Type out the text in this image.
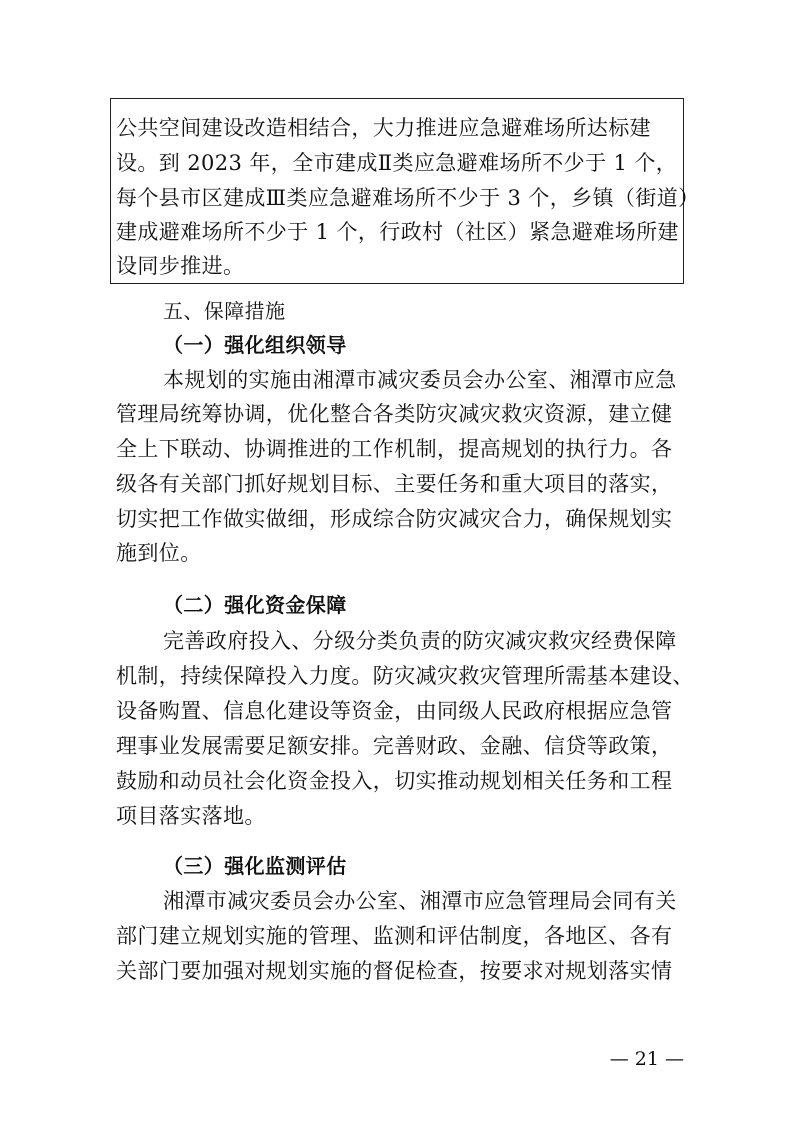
公共空间建设改造相结合，大力推进应急避难场所达标建
设。到 2023 年，全市建成Ⅱ类应急避难场所不少于 1 个，
每个县市区建成Ⅲ类应急避难场所不少于 3 个，乡镇（街道）
建成避难场所不少于 1 个，行政村（社区）紧急避难场所建
设同步推进。
五、保障措施
（一）强化组织领导
本规划的实施由湘潭市减灾委员会办公室、湘潭市应急
管理局统筹协调，优化整合各类防灾减灾救灾资源，建立健
全上下联动、协调推进的工作机制，提高规划的执行力。各
级各有关部门抓好规划目标、主要任务和重大项目的落实，
切实把工作做实做细，形成综合防灾减灾合力，确保规划实
施到位。
（二）强化资金保障
完善政府投入、分级分类负责的防灾减灾救灾经费保障
机制，持续保障投入力度。防灾减灾救灾管理所需基本建设、
设备购置、信息化建设等资金，由同级人民政府根据应急管
理事业发展需要足额安排。完善财政、金融、信贷等政策，
鼓励和动员社会化资金投入，切实推动规划相关任务和工程
项目落实落地。
（三）强化监测评估
湘潭市减灾委员会办公室、湘潭市应急管理局会同有关
部门建立规划实施的管理、监测和评估制度，各地区、各有
关部门要加强对规划实施的督促检查，按要求对规划落实情
— 21 —
